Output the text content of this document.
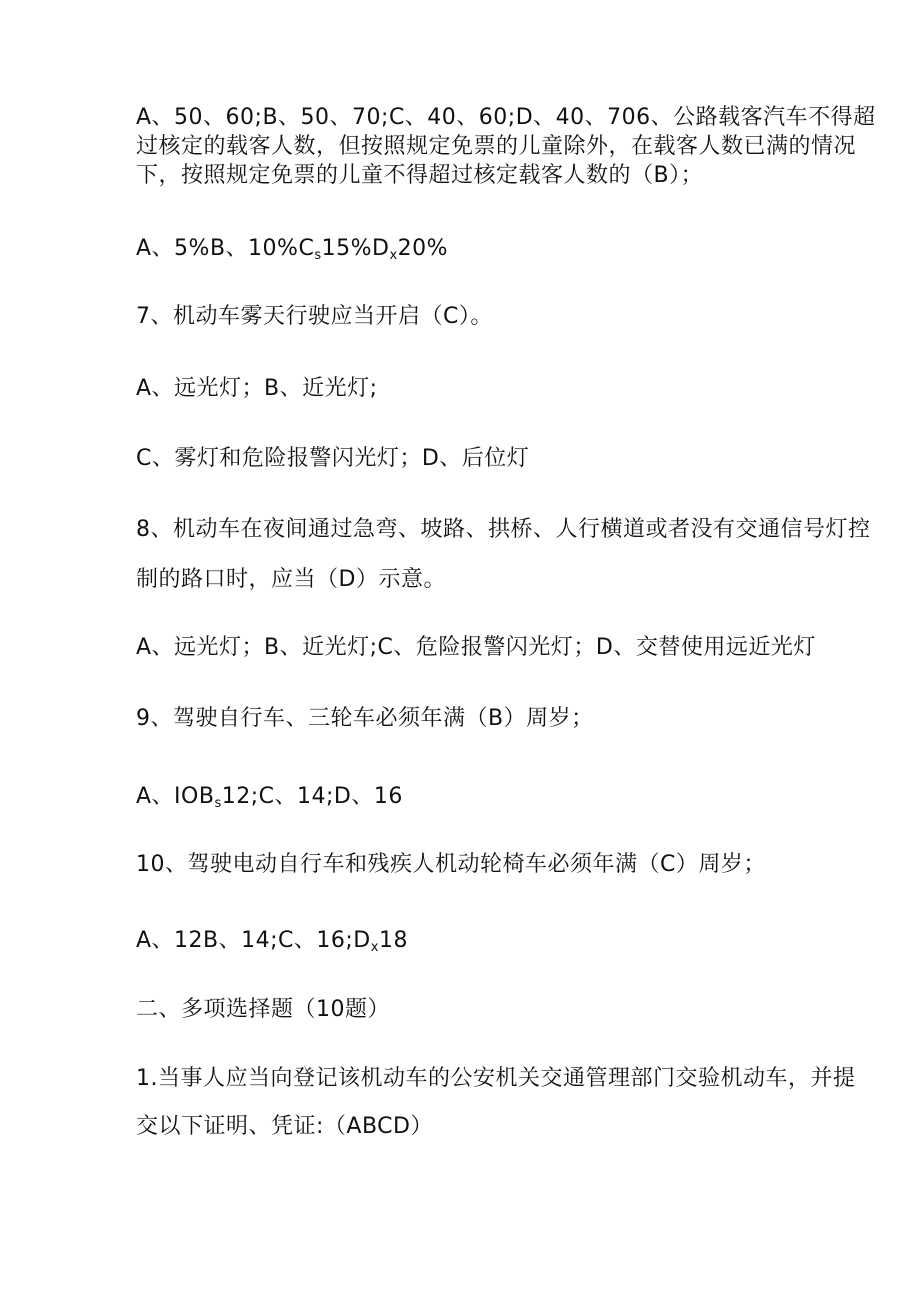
A、50、60;B、50、70;C、40、60;D、40、706、公路载客汽车不得超
过核定的载客人数，但按照规定免票的儿童除外，在载客人数已满的情况
下，按照规定免票的儿童不得超过核定载客人数的（B）；
A、5%B、$10\%C_s15\%D_x20\%$
7、机动车雾天行驶应当开启（C）。
A、远光灯；B、近光灯;
C、雾灯和危险报警闪光灯；D、后位灯
8、机动车在夜间通过急弯、坡路、拱桥、人行横道或者没有交通信号灯控
制的路口时，应当（D）示意。
A、远光灯；B、近光灯;C、危险报警闪光灯；D、交替使用远近光灯
9、驾驶自行车、三轮车必须年满（B）周岁；
A、$IOB_s12;C$、14;D、16
10、驾驶电动自行车和残疾人机动轮椅车必须年满（C）周岁；
A、12B、14;C、$16;D_x18$
二、多项选择题（10题）
1.当事人应当向登记该机动车的公安机关交通管理部门交验机动车，并提
交以下证明、凭证:（ABCD）
